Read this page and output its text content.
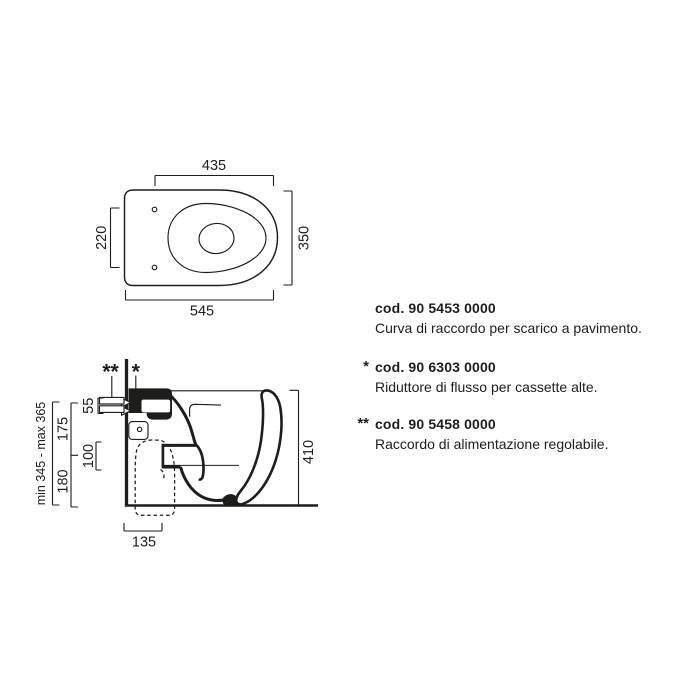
435
220	350
545
** *
55
100
175
180
min 345 - max 365	410
135
cod. 90 5453 0000
Curva di raccordo per scarico a pavimento.
* cod. 90 6303 0000
Riduttore di flusso per cassette alte.
** cod. 90 5458 0000
Raccordo di alimentazione regolabile.
